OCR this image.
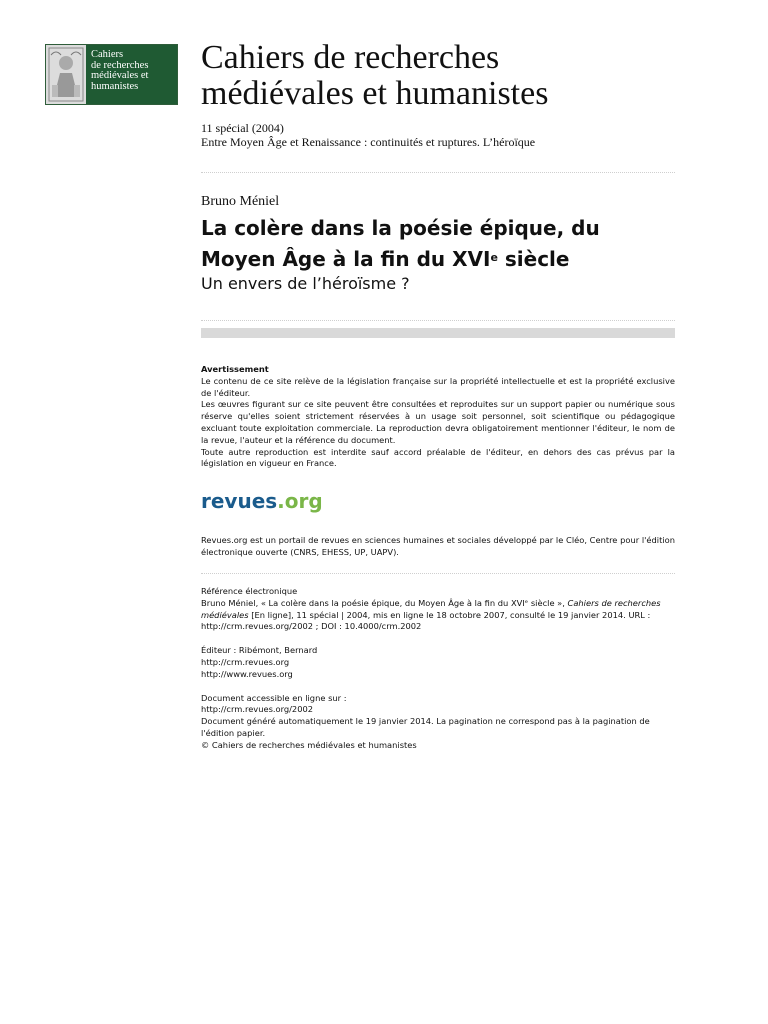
Cahiers
de recherches
médiévales et
humanistes
Cahiers de recherches
médiévales et humanistes
11 spécial (2004)
Entre Moyen Âge et Renaissance : continuités et ruptures. L’héroïque
Bruno Méniel
La colère dans la poésie épique, du
Moyen Âge à la fin du XVIe siècle
Un envers de l’héroïsme ?
Avertissement
Le contenu de ce site relève de la législation française sur la propriété intellectuelle et est la propriété exclusive de l'éditeur.
Les œuvres figurant sur ce site peuvent être consultées et reproduites sur un support papier ou numérique sous réserve qu'elles soient strictement réservées à un usage soit personnel, soit scientifique ou pédagogique excluant toute exploitation commerciale. La reproduction devra obligatoirement mentionner l'éditeur, le nom de la revue, l'auteur et la référence du document.
Toute autre reproduction est interdite sauf accord préalable de l'éditeur, en dehors des cas prévus par la législation en vigueur en France.
revues.org
Revues.org est un portail de revues en sciences humaines et sociales développé par le Cléo, Centre pour l'édition électronique ouverte (CNRS, EHESS, UP, UAPV).

Référence électronique

Bruno Méniel, « La colère dans la poésie épique, du Moyen Âge à la fin du XVIᵉ siècle », Cahiers de recherches médiévales [En ligne], 11 spécial | 2004, mis en ligne le 18 octobre 2007, consulté le 19 janvier 2014. URL : http://crm.revues.org/2002 ; DOI : 10.4000/crm.2002

Éditeur : Ribémont, Bernard

http://crm.revues.org

http://www.revues.org

Document accessible en ligne sur :

http://crm.revues.org/2002

Document généré automatiquement le 19 janvier 2014. La pagination ne correspond pas à la pagination de l'édition papier.

© Cahiers de recherches médiévales et humanistes
